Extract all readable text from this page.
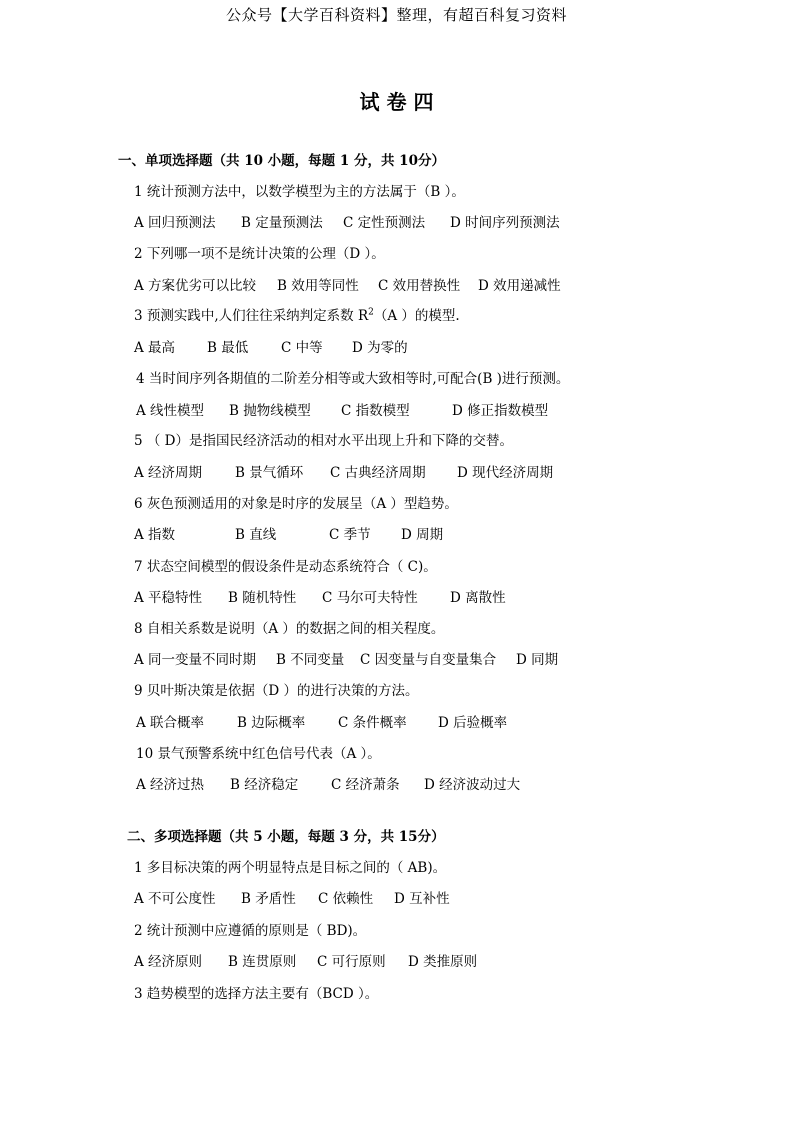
公众号【大学百科资料】整理，有超百科复习资料
试 卷 四
一、单项选择题（共 10 小题，每题 1 分，共 10分）
1 统计预测方法中，以数学模型为主的方法属于（B ）。
A 回归预测法 B 定量预测法 C 定性预测法 D 时间序列预测法
2 下列哪一项不是统计决策的公理（D ）。
A 方案优劣可以比较 B 效用等同性 C 效用替换性 D 效用递减性
3 预测实践中,人们往往采纳判定系数 $R^2(A$ ）的模型.
A 最高 B 最低 C 中等 D 为零的
4 当时间序列各期值的二阶差分相等或大致相等时,可配合(B )进行预测。
A 线性模型 B 抛物线模型 C 指数模型	D 修正指数模型
5 （ D）是指国民经济活动的相对水平出现上升和下降的交替。
A 经济周期 B 景气循环 C 古典经济周期 D 现代经济周期
6 灰色预测适用的对象是时序的发展呈（A ）型趋势。
A 指数	B 直线	C 季节 D 周期
7 状态空间模型的假设条件是动态系统符合（ C)。
A 平稳特性 B 随机特性 C 马尔可夫特性 D 离散性
8 自相关系数是说明（A ）的数据之间的相关程度。
A 同一变量不同时期 B 不同变量 C 因变量与自变量集合 D 同期
9 贝叶斯决策是依据（D ）的进行决策的方法。
A 联合概率 B 边际概率 C 条件概率 D 后验概率
10 景气预警系统中红色信号代表（A ）。
A 经济过热 B 经济稳定 C 经济萧条 D 经济波动过大
二、多项选择题（共 5 小题，每题 3 分，共 15分）
1 多目标决策的两个明显特点是目标之间的（ AB)。
A 不可公度性 B 矛盾性 C 依赖性 D 互补性
2 统计预测中应遵循的原则是（ BD)。
A 经济原则 B 连贯原则 C 可行原则 D 类推原则
3 趋势模型的选择方法主要有（BCD ）。
